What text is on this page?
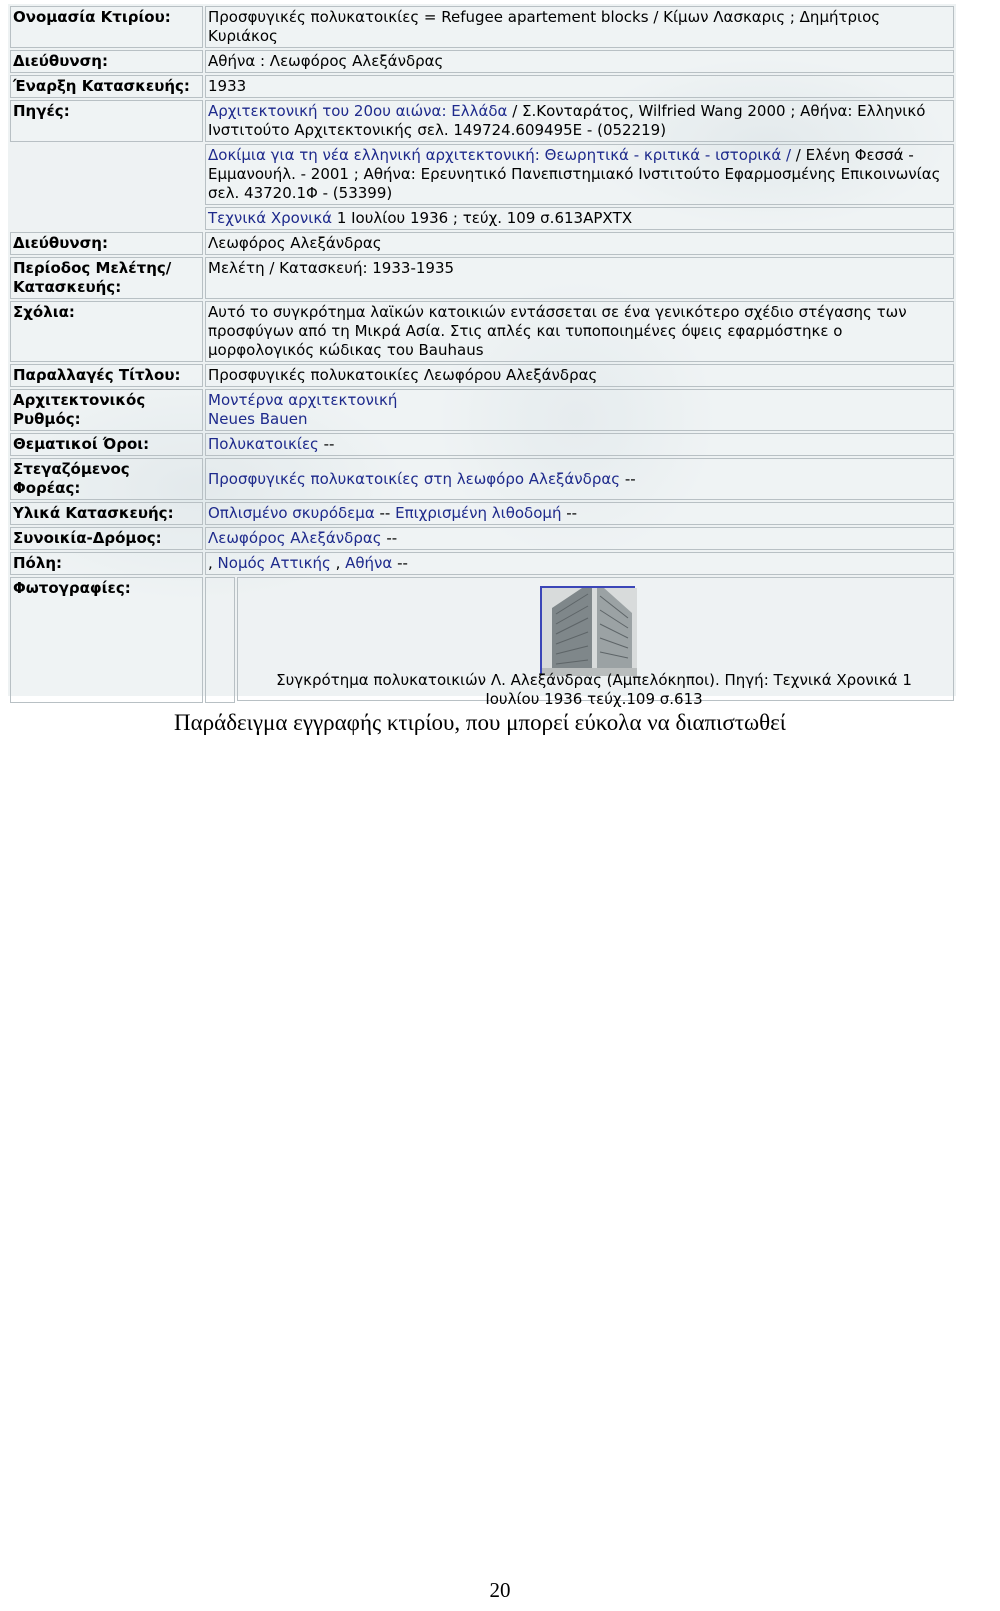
Ονομασία Κτιρίου:	Προσφυγικές πολυκατοικίες = Refugee apartement blocks / Κίμων Λασκαρις ; Δημήτριος Κυριάκος
Διεύθυνση:	Αθήνα : Λεωφόρος Αλεξάνδρας
Έναρξη Κατασκευής:	1933
Πηγές:	Αρχιτεκτονική του 20ου αιώνα: Ελλάδα / Σ.Κονταράτος, Wilfried Wang 2000 ; Αθήνα: Ελληνικό Ινστιτούτο Αρχιτεκτονικής σελ. 149724.609495Ε - (052219)
	Δοκίμια για τη νέα ελληνική αρχιτεκτονική: Θεωρητικά - κριτικά - ιστορικά / / Ελένη Φεσσά - Εμμανουήλ. - 2001 ; Αθήνα: Ερευνητικό Πανεπιστημιακό Ινστιτούτο Εφαρμοσμένης Επικοινωνίας σελ. 43720.1Φ - (53399)
	Τεχνικά Χρονικά 1 Ιουλίου 1936 ; τεύχ. 109 σ.613ΑΡΧΤΧ
Διεύθυνση:	Λεωφόρος Αλεξάνδρας
Περίοδος Μελέτης/Κατασκευής:	Μελέτη / Κατασκευή: 1933-1935
Σχόλια:	Αυτό το συγκρότημα λαϊκών κατοικιών εντάσσεται σε ένα γενικότερο σχέδιο στέγασης των προσφύγων από τη Μικρά Ασία. Στις απλές και τυποποιημένες όψεις εφαρμόστηκε ο μορφολογικός κώδικας του Bauhaus
Παραλλαγές Τίτλου:	Προσφυγικές πολυκατοικίες Λεωφόρου Αλεξάνδρας
Αρχιτεκτονικός Ρυθμός:	Μοντέρνα αρχιτεκτονική
Neues Bauen

Θεματικοί Όροι:	Πολυκατοικίες --
Στεγαζόμενος Φορέας:	Προσφυγικές πολυκατοικίες στη λεωφόρο Αλεξάνδρας --
Υλικά Κατασκευής:	Οπλισμένο σκυρόδεμα -- Επιχρισμένη λιθοδομή --
Συνοικία-Δρόμος:	Λεωφόρος Αλεξάνδρας --
Πόλη:	, Νομός Αττικής , Αθήνα --
Φωτογραφίες:	Συγκρότημα πολυκατοικιών Λ. Αλεξάνδρας (Αμπελόκηποι). Πηγή: Τεχνικά Χρονικά 1 Ιουλίου 1936 τεύχ.109 σ.613
Παράδειγμα εγγραφής κτιρίου, που μπορεί εύκολα να διαπιστωθεί
20
